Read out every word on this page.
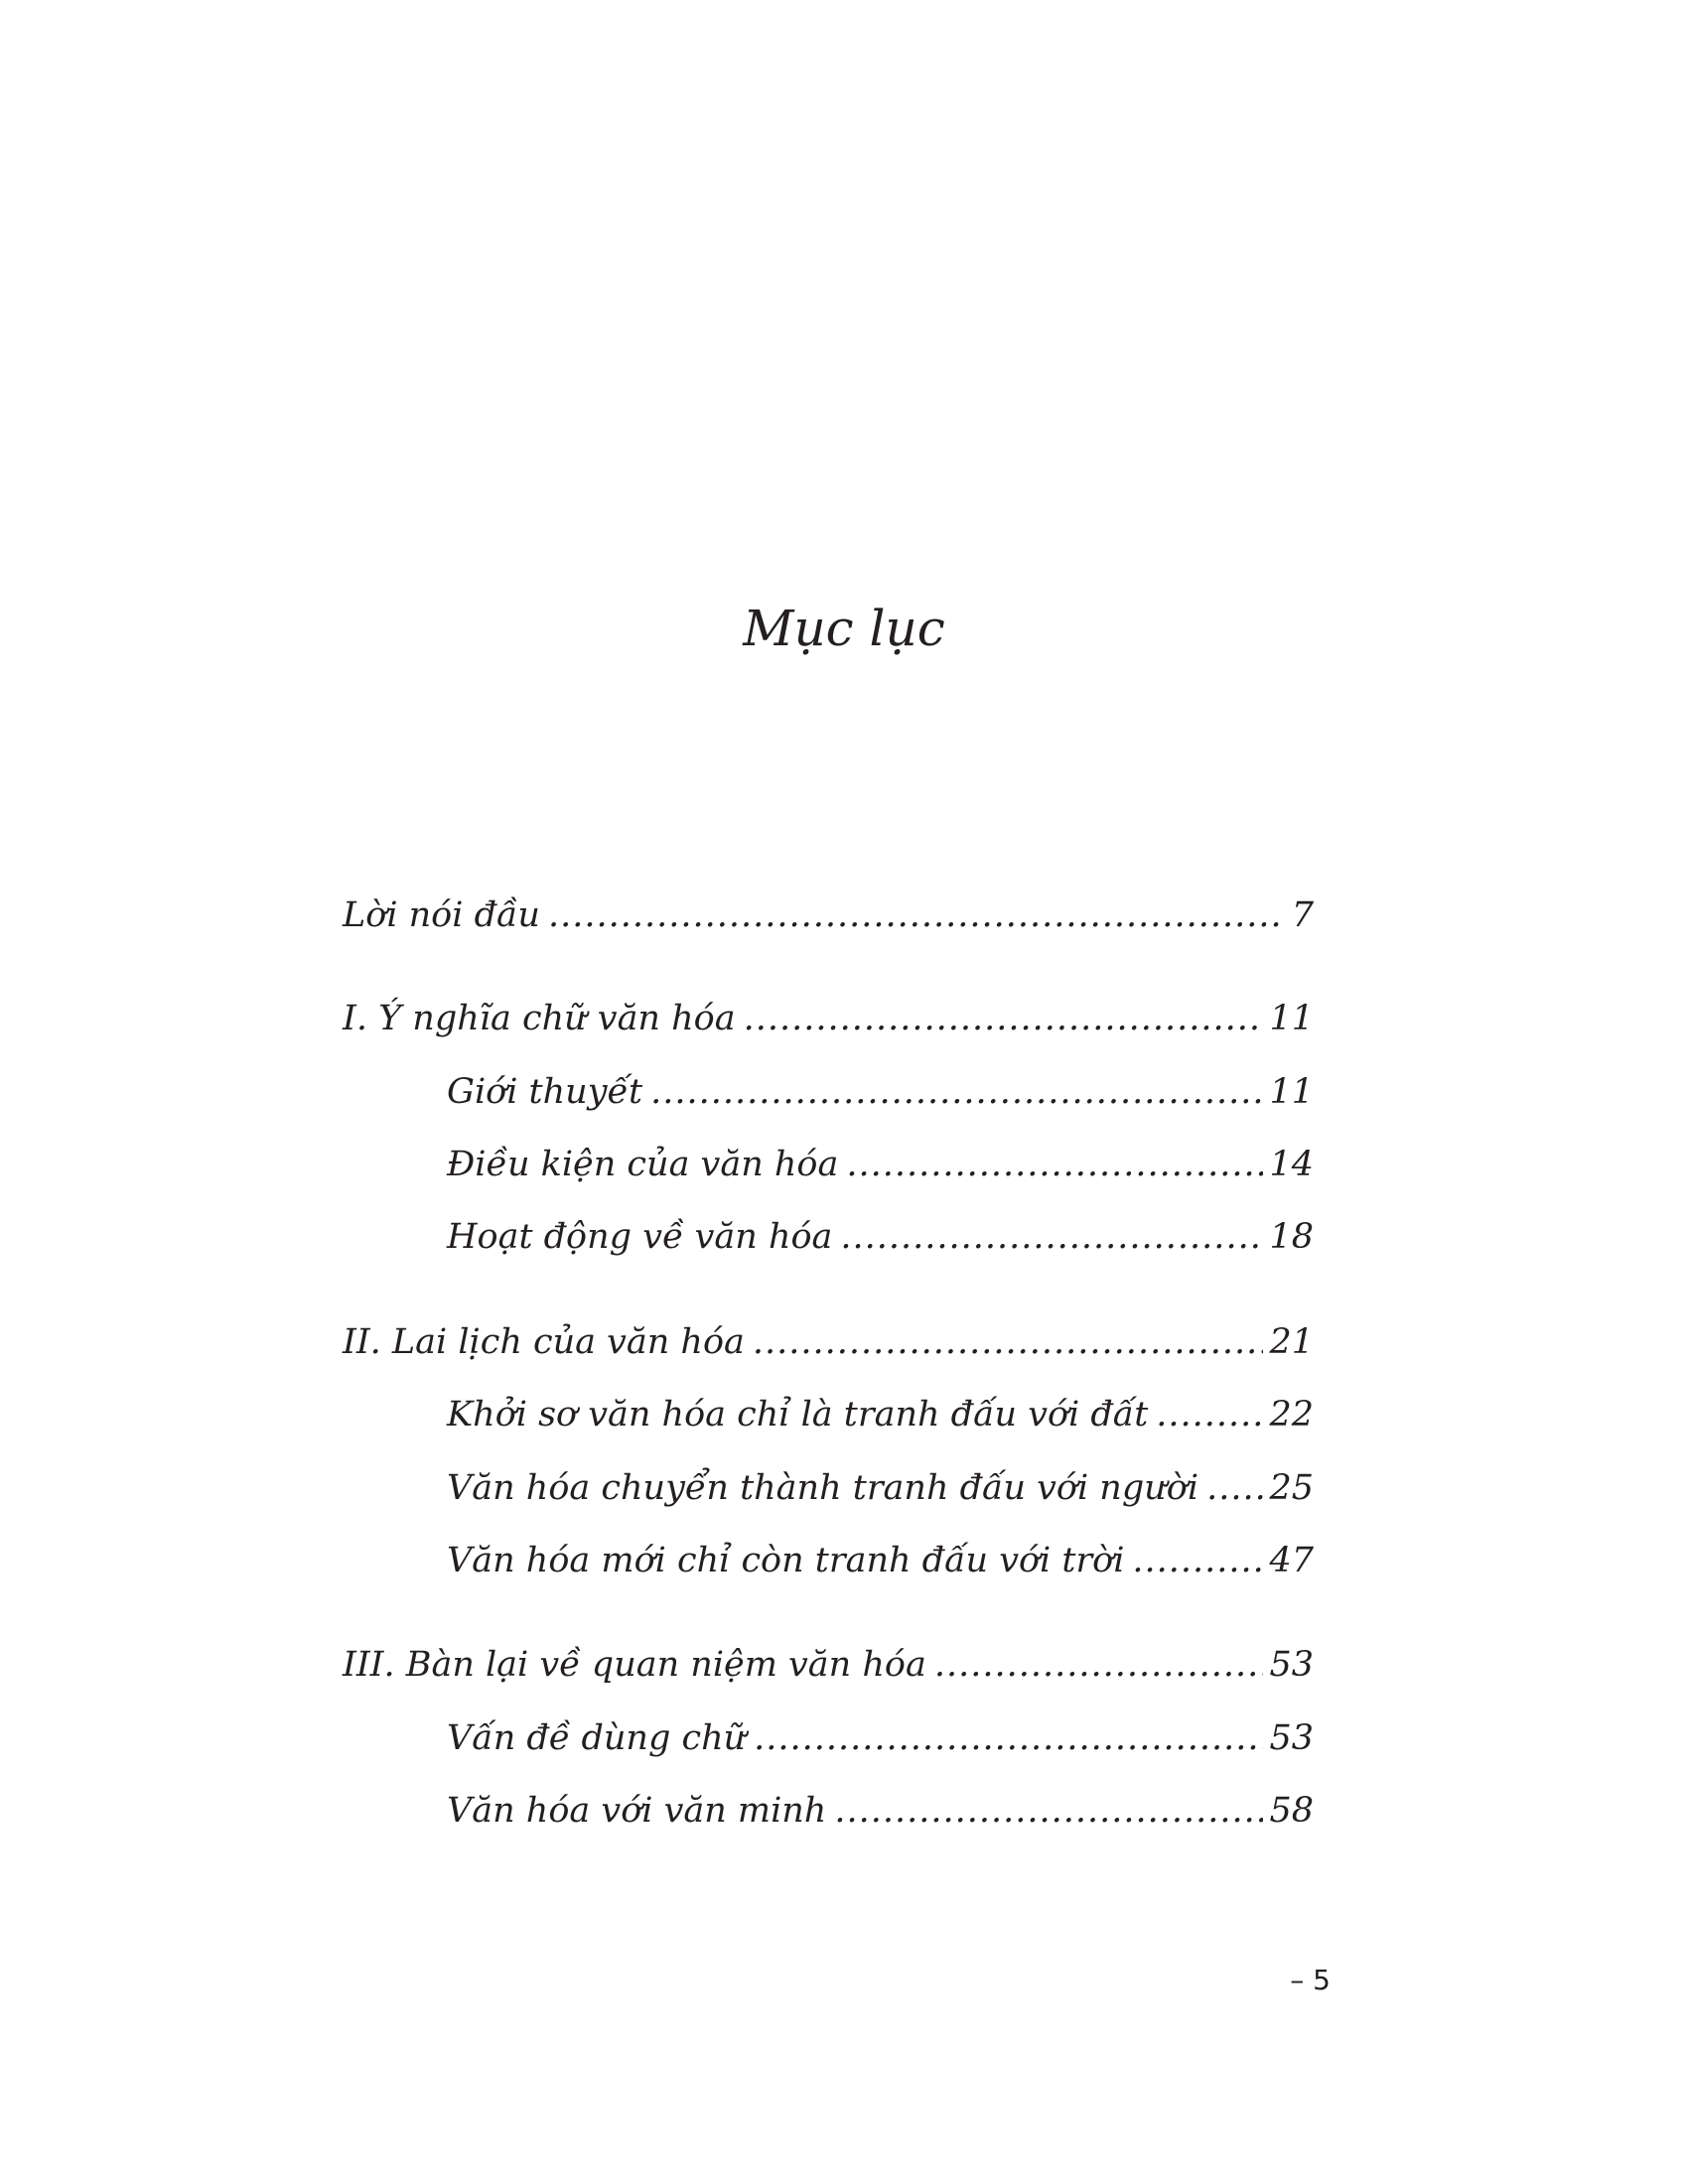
Mục lục
Lời nói đầu .....	7
I. Ý nghĩa chữ văn hóa .....	11
Giới thuyết .....	11
Điều kiện của văn hóa .....	14
Hoạt động về văn hóa .....	18
II. Lai lịch của văn hóa .....	21
Khởi sơ văn hóa chỉ là tranh đấu với đất .....	22
Văn hóa chuyển thành tranh đấu với người ..... 25
Văn hóa mới chỉ còn tranh đấu với trời .....	47
III. Bàn lại về quan niệm văn hóa .....	53
Vấn đề dùng chữ .....	53
Văn hóa với văn minh .....	58
– 5
